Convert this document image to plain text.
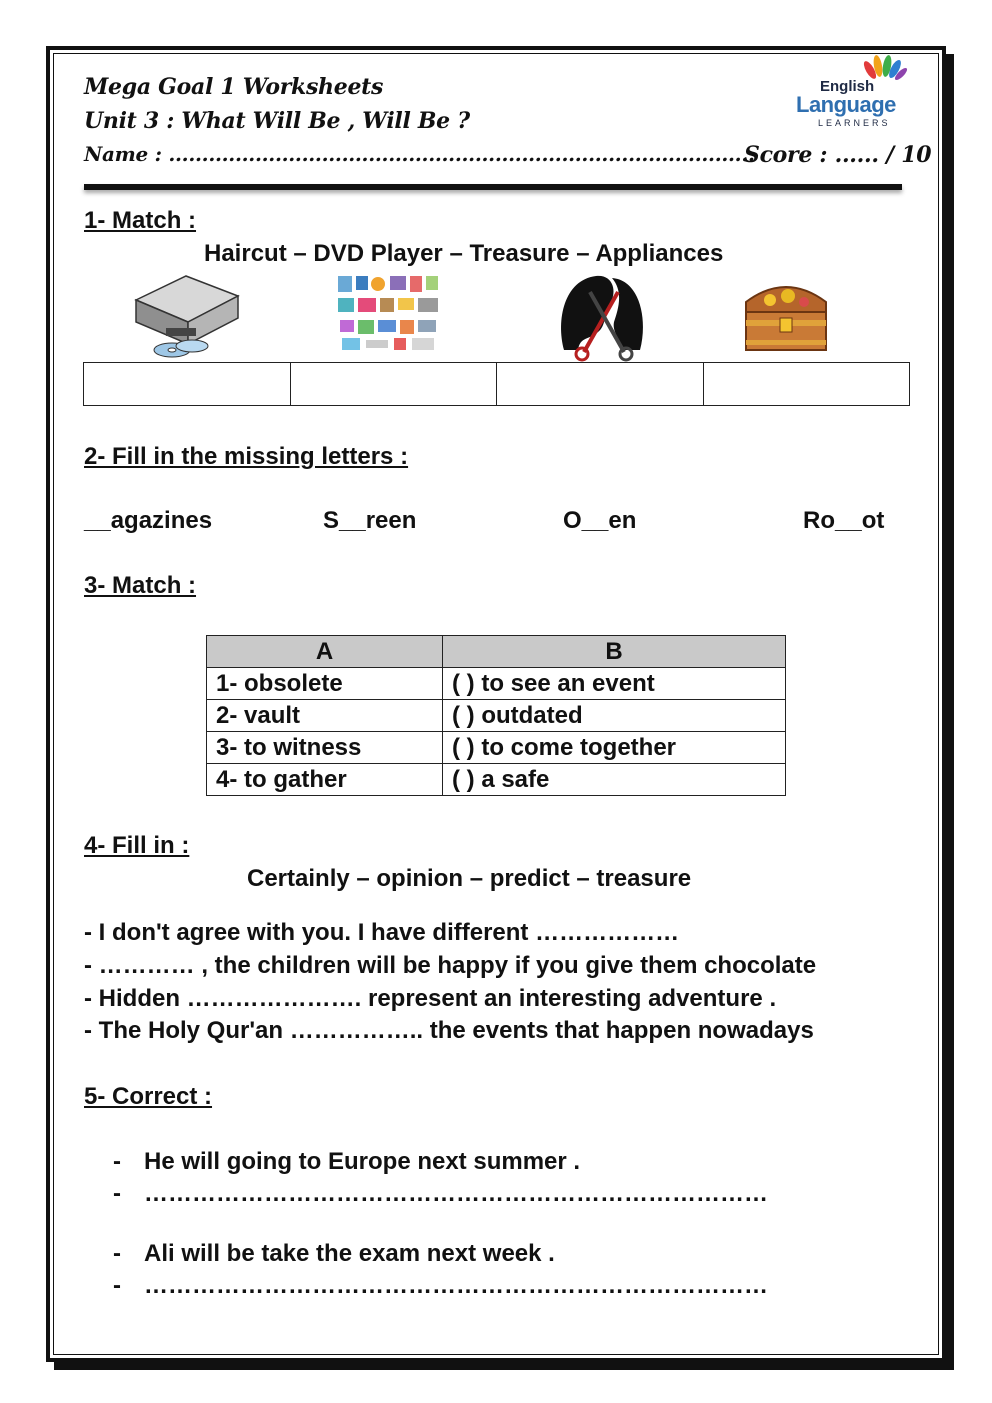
Mega Goal 1 Worksheets
Unit 3 : What Will Be , Will Be ?
Name : ........................................................................................
Score : ...... / 10
English
Language
LEARNERS
1- Match :
Haircut – DVD Player – Treasure – Appliances
2- Fill in the missing letters :
__agazines	S__reen	O__en	Ro__ot
3- Match :
A	B
1- obsolete	( ) to see an event
2- vault	( ) outdated
3- to witness	( ) to come together
4- to gather	( ) a safe
4- Fill in :
Certainly – opinion – predict – treasure
- I don't agree with you. I have different ………………
- ………… , the children will be happy if you give them chocolate
- Hidden …………………. represent an interesting adventure .
- The Holy Qur'an …………….. the events that happen nowadays
5- Correct :
- He will going to Europe next summer .
- ……………………………………………………………………
- Ali will be take the exam next week .
- ……………………………………………………………………
